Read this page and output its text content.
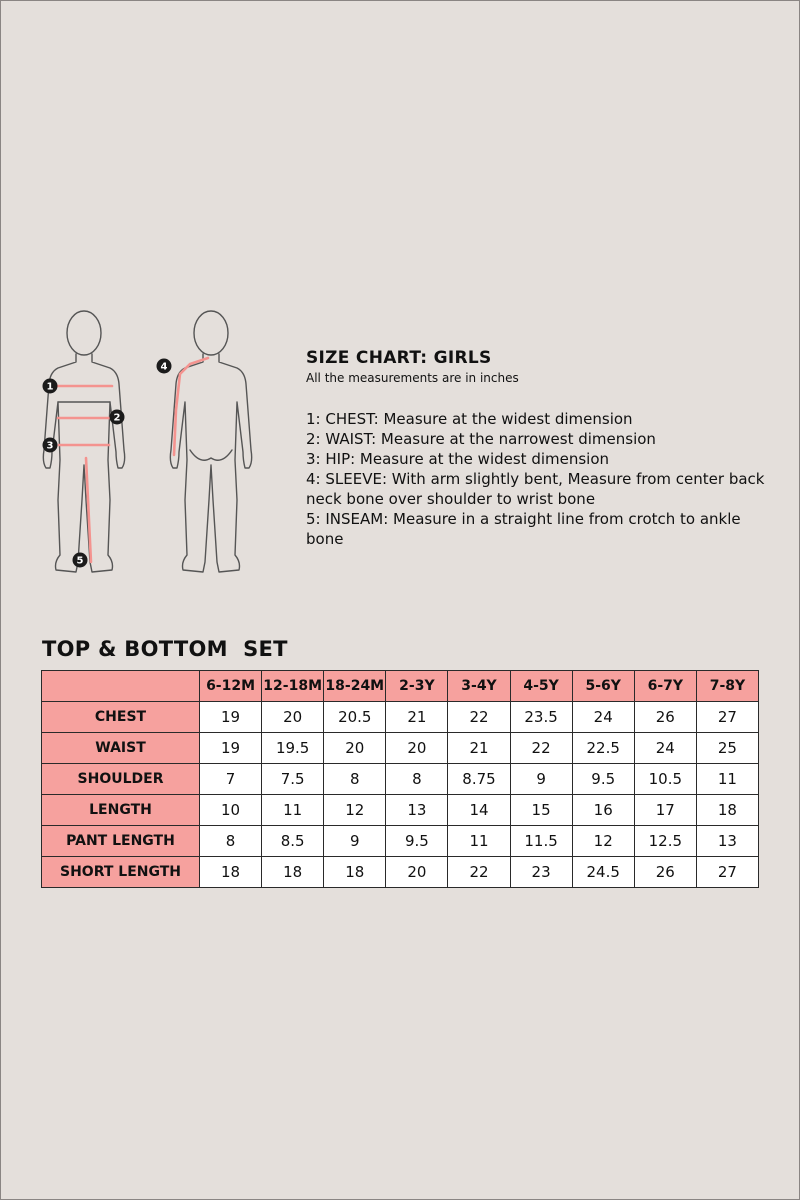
1
2
3
4
5
SIZE CHART: GIRLS
All the measurements are in inches
1: CHEST: Measure at the widest dimension
2: WAIST: Measure at the narrowest dimension
3: HIP: Measure at the widest dimension
4: SLEEVE: With arm slightly bent, Measure from center back neck bone over shoulder to wrist bone
5: INSEAM: Measure in a straight line from crotch to ankle bone
TOP & BOTTOM  SET
	6-12M	12-18M	18-24M	2-3Y	3-4Y	4-5Y	5-6Y	6-7Y	7-8Y
CHEST	19	20	20.5	21	22	23.5	24	26	27
WAIST	19	19.5	20	20	21	22	22.5	24	25
SHOULDER	7	7.5	8	8	8.75	9	9.5	10.5	11
LENGTH	10	11	12	13	14	15	16	17	18
PANT LENGTH	8	8.5	9	9.5	11	11.5	12	12.5	13
SHORT LENGTH	18	18	18	20	22	23	24.5	26	27
